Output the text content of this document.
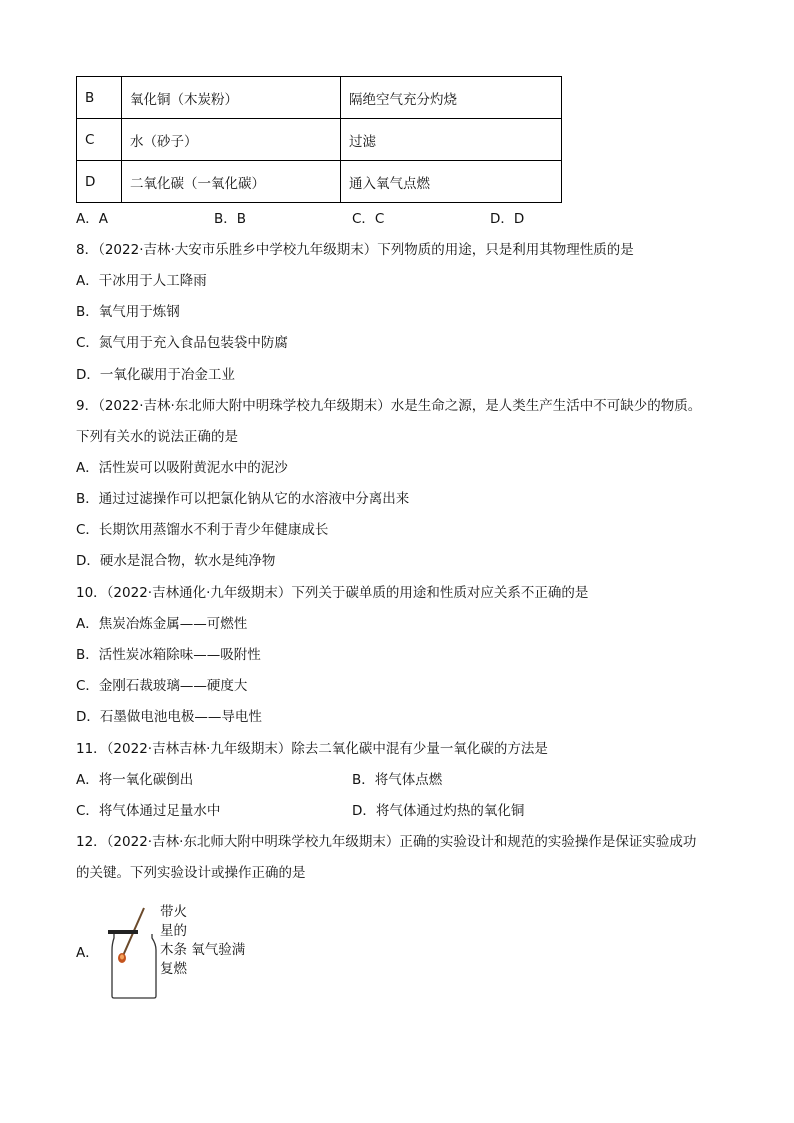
B	氧化铜（木炭粉）	隔绝空气充分灼烧
C	水（砂子）	过滤
D	二氧化碳（一氧化碳）	通入氧气点燃
A．A	B．B	C．C	D．D
8．（2022·吉林·大安市乐胜乡中学校九年级期末）下列物质的用途，只是利用其物理性质的是
A．干冰用于人工降雨
B．氧气用于炼钢
C．氮气用于充入食品包装袋中防腐
D．一氧化碳用于冶金工业
9．（2022·吉林·东北师大附中明珠学校九年级期末）水是生命之源，是人类生产生活中不可缺少的物质。
下列有关水的说法正确的是
A．活性炭可以吸附黄泥水中的泥沙
B．通过过滤操作可以把氯化钠从它的水溶液中分离出来
C．长期饮用蒸馏水不利于青少年健康成长
D．硬水是混合物，软水是纯净物
10．（2022·吉林通化·九年级期末）下列关于碳单质的用途和性质对应关系不正确的是
A．焦炭冶炼金属——可燃性
B．活性炭冰箱除味——吸附性
C．金刚石裁玻璃——硬度大
D．石墨做电池电极——导电性
11．（2022·吉林吉林·九年级期末）除去二氧化碳中混有少量一氧化碳的方法是
A．将一氧化碳倒出	B．将气体点燃
C．将气体通过足量水中	D．将气体通过灼热的氧化铜
12．（2022·吉林·东北师大附中明珠学校九年级期末）正确的实验设计和规范的实验操作是保证实验成功
的关键。下列实验设计或操作正确的是
A．
带火
星的
木条 氧气验满
复燃
